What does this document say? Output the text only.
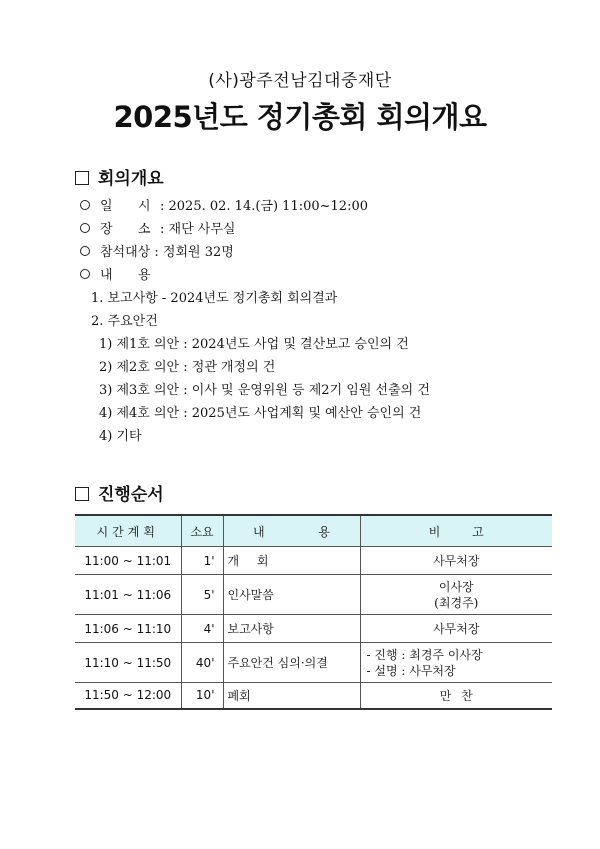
(사)광주전남김대중재단
2025년도 정기총회 회의개요
회의개요
일 시 : 2025. 02. 14.(금) 11:00~12:00
장 소 : 재단 사무실
참석대상 : 정회원 32명
내 용
1. 보고사항 - 2024년도 정기총회 회의결과
2. 주요안건
1) 제1호 의안 : 2024년도 사업 및 결산보고 승인의 건
2) 제2호 의안 : 정관 개정의 건
3) 제3호 의안 : 이사 및 운영위원 등 제2기 임원 선출의 건
4) 제4호 의안 : 2025년도 사업계획 및 예산안 승인의 건
4) 기타
진행순서
시간계획	소요	내 용	비 고
11:00 ~ 11:01	1'	개 회	사무처장
11:01 ~ 11:06	5'	인사말씀	이사장
(최경주)

11:06 ~ 11:10	4'	보고사항	사무처장
11:10 ~ 11:50	40'	주요안건 심의·의결	- 진행 : 최경주 이사장
- 설명 : 사무처장

11:50 ~ 12:00	10'	폐회	만 찬
